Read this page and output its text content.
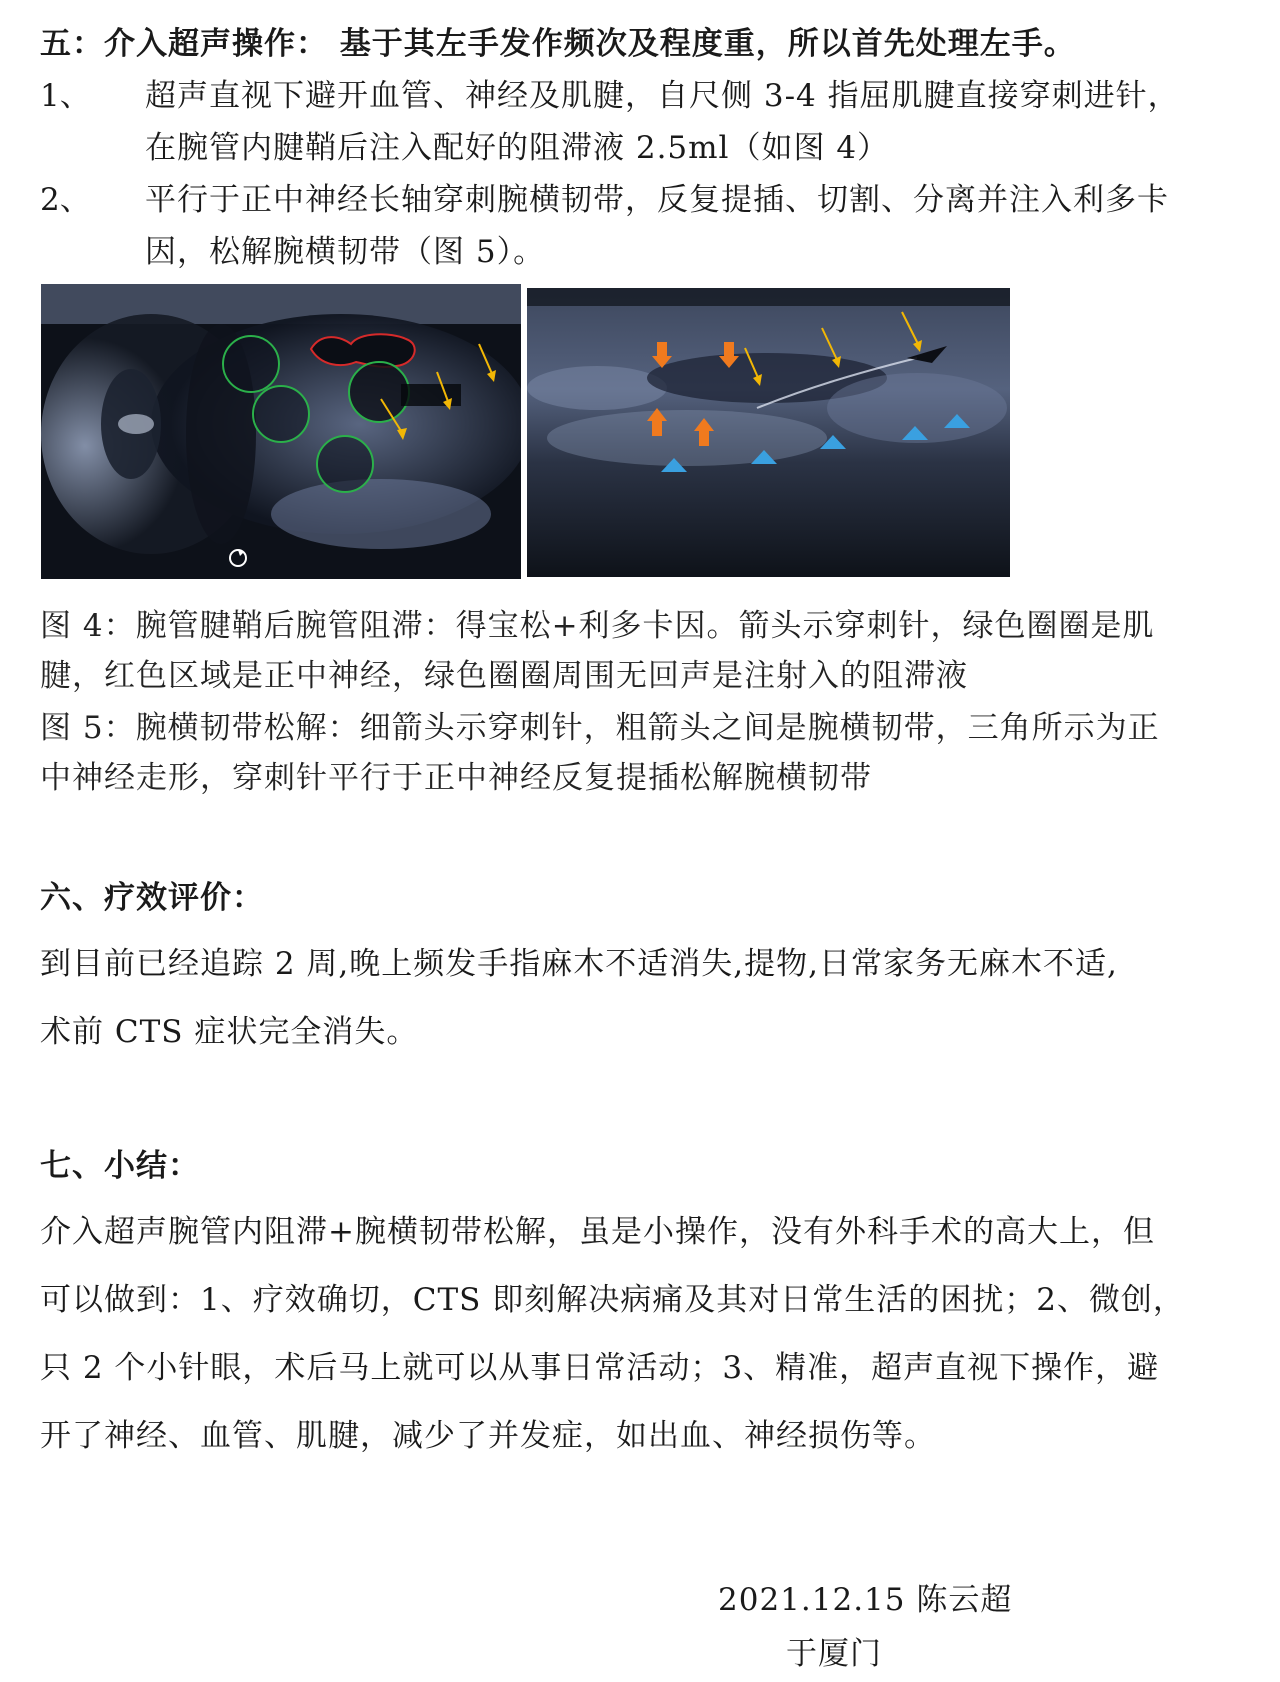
五：介入超声操作： 基于其左手发作频次及程度重，所以首先处理左手。
1、 超声直视下避开血管、神经及肌腱，自尺侧 3-4 指屈肌腱直接穿刺进针，
在腕管内腱鞘后注入配好的阻滞液 2.5ml（如图 4）
2、 平行于正中神经长轴穿刺腕横韧带，反复提插、切割、分离并注入利多卡
因，松解腕横韧带（图 5）。
图 4：腕管腱鞘后腕管阻滞：得宝松+利多卡因。箭头示穿刺针，绿色圈圈是肌
腱，红色区域是正中神经，绿色圈圈周围无回声是注射入的阻滞液
图 5：腕横韧带松解：细箭头示穿刺针，粗箭头之间是腕横韧带，三角所示为正
中神经走形，穿刺针平行于正中神经反复提插松解腕横韧带
六、疗效评价：
到目前已经追踪 2 周,晚上频发手指麻木不适消失,提物,日常家务无麻木不适,
术前 CTS 症状完全消失。
七、小结：
介入超声腕管内阻滞+腕横韧带松解，虽是小操作，没有外科手术的高大上，但
可以做到：1、疗效确切，CTS 即刻解决病痛及其对日常生活的困扰；2、微创，
只 2 个小针眼，术后马上就可以从事日常活动；3、精准，超声直视下操作，避
开了神经、血管、肌腱，减少了并发症，如出血、神经损伤等。
2021.12.15 陈云超
于厦门
